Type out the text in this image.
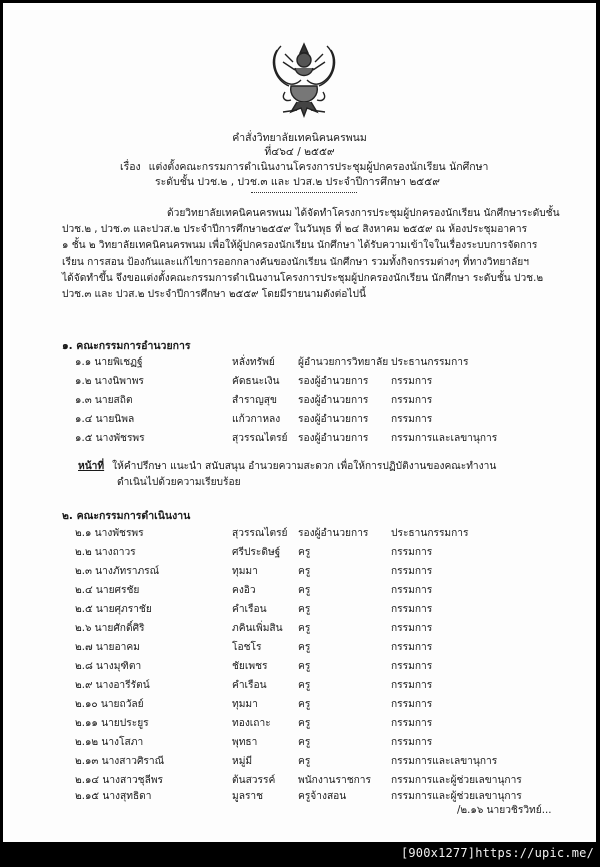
คำสั่งวิทยาลัยเทคนิคนครพนม
ที่๔๖๔ / ๒๕๕๙
เรื่อง แต่งตั้งคณะกรรมการดำเนินงานโครงการประชุมผู้ปกครองนักเรียน นักศึกษา
ระดับชั้น ปวช.๒ , ปวช.๓ และ ปวส.๒ ประจำปีการศึกษา ๒๕๕๙
ด้วยวิทยาลัยเทคนิคนครพนม ได้จัดทำโครงการประชุมผู้ปกครองนักเรียน นักศึกษาระดับชั้น
ปวช.๒ , ปวช.๓ และปวส.๒ ประจำปีการศึกษา๒๕๕๙ ในวันพุธ ที่ ๒๔ สิงหาคม ๒๕๕๙ ณ ห้องประชุมอาคาร
๑ ชั้น ๒ วิทยาลัยเทคนิคนครพนม เพื่อให้ผู้ปกครองนักเรียน นักศึกษา ได้รับความเข้าใจในเรื่องระบบการจัดการ
เรียน การสอน ป้องกันและแก้ไขการออกกลางคันของนักเรียน นักศึกษา รวมทั้งกิจกรรมต่างๆ ที่ทางวิทยาลัยฯ
ได้จัดทำขึ้น จึงขอแต่งตั้งคณะกรรมการดำเนินงานโครงการประชุมผู้ปกครองนักเรียน นักศึกษา ระดับชั้น ปวช.๒
ปวช.๓ และ ปวส.๒ ประจำปีการศึกษา ๒๕๕๙ โดยมีรายนามดังต่อไปนี้
๑. คณะกรรมการอำนวยการ
๑.๑ นายพิเชฏฐ์	หลั่งทรัพย์ ผู้อำนวยการวิทยาลัย ประธานกรรมการ
๑.๒ นางนิพาพร	คัดธนะเงิน รองผู้อำนวยการ กรรมการ
๑.๓ นายสถิต	สำราญสุข รองผู้อำนวยการ กรรมการ
๑.๔ นายนิพล	แก้วกาหลง รองผู้อำนวยการ กรรมการ
๑.๕ นางพัชรพร	สุวรรณไตรย์ รองผู้อำนวยการ กรรมการและเลขานุการ
หน้าที่ ให้คำปรึกษา แนะนำ สนับสนุน อำนวยความสะดวก เพื่อให้การปฏิบัติงานของคณะทำงาน
ดำเนินไปด้วยความเรียบร้อย
๒. คณะกรรมการดำเนินงาน
๒.๑ นางพัชรพร	สุวรรณไตรย์ รองผู้อำนวยการ ประธานกรรมการ
๒.๒ นางถาวร	ศรีประดิษฐ์ ครู	กรรมการ
๒.๓ นางภัทราภรณ์	ทุมมา	ครู	กรรมการ
๒.๔ นายศรชัย	คงอิว	ครู	กรรมการ
๒.๕ นายศุภราชัย	คำเรือน	ครู	กรรมการ
๒.๖ นายศักดิ์ศิริ	ภคินเพิ่มสิน ครู	กรรมการ
๒.๗ นายอาคม	โอชโร	ครู	กรรมการ
๒.๘ นางมุฑิตา	ชัยเพชร	ครู	กรรมการ
๒.๙ นางอารีรัตน์	คำเรือน	ครู	กรรมการ
๒.๑๐ นายถวัลย์	ทุมมา	ครู	กรรมการ
๒.๑๑ นายประยูร	ทองเถาะ	ครู	กรรมการ
๒.๑๒ นางโสภา	พุทธา	ครู	กรรมการ
๒.๑๓ นางสาวศิราณี	หมู่มี	ครู	กรรมการและเลขานุการ
๒.๑๔ นางสาวชุลีพร	ต้นสวรรค์ พนักงานราชการ กรรมการและผู้ช่วยเลขานุการ
๒.๑๕ นางสุทธิดา	มูลราช	ครูจ้างสอน	กรรมการและผู้ช่วยเลขานุการ
/๒.๑๖ นายวชิรวิทย์...
[900x1277]https://upic.me/
